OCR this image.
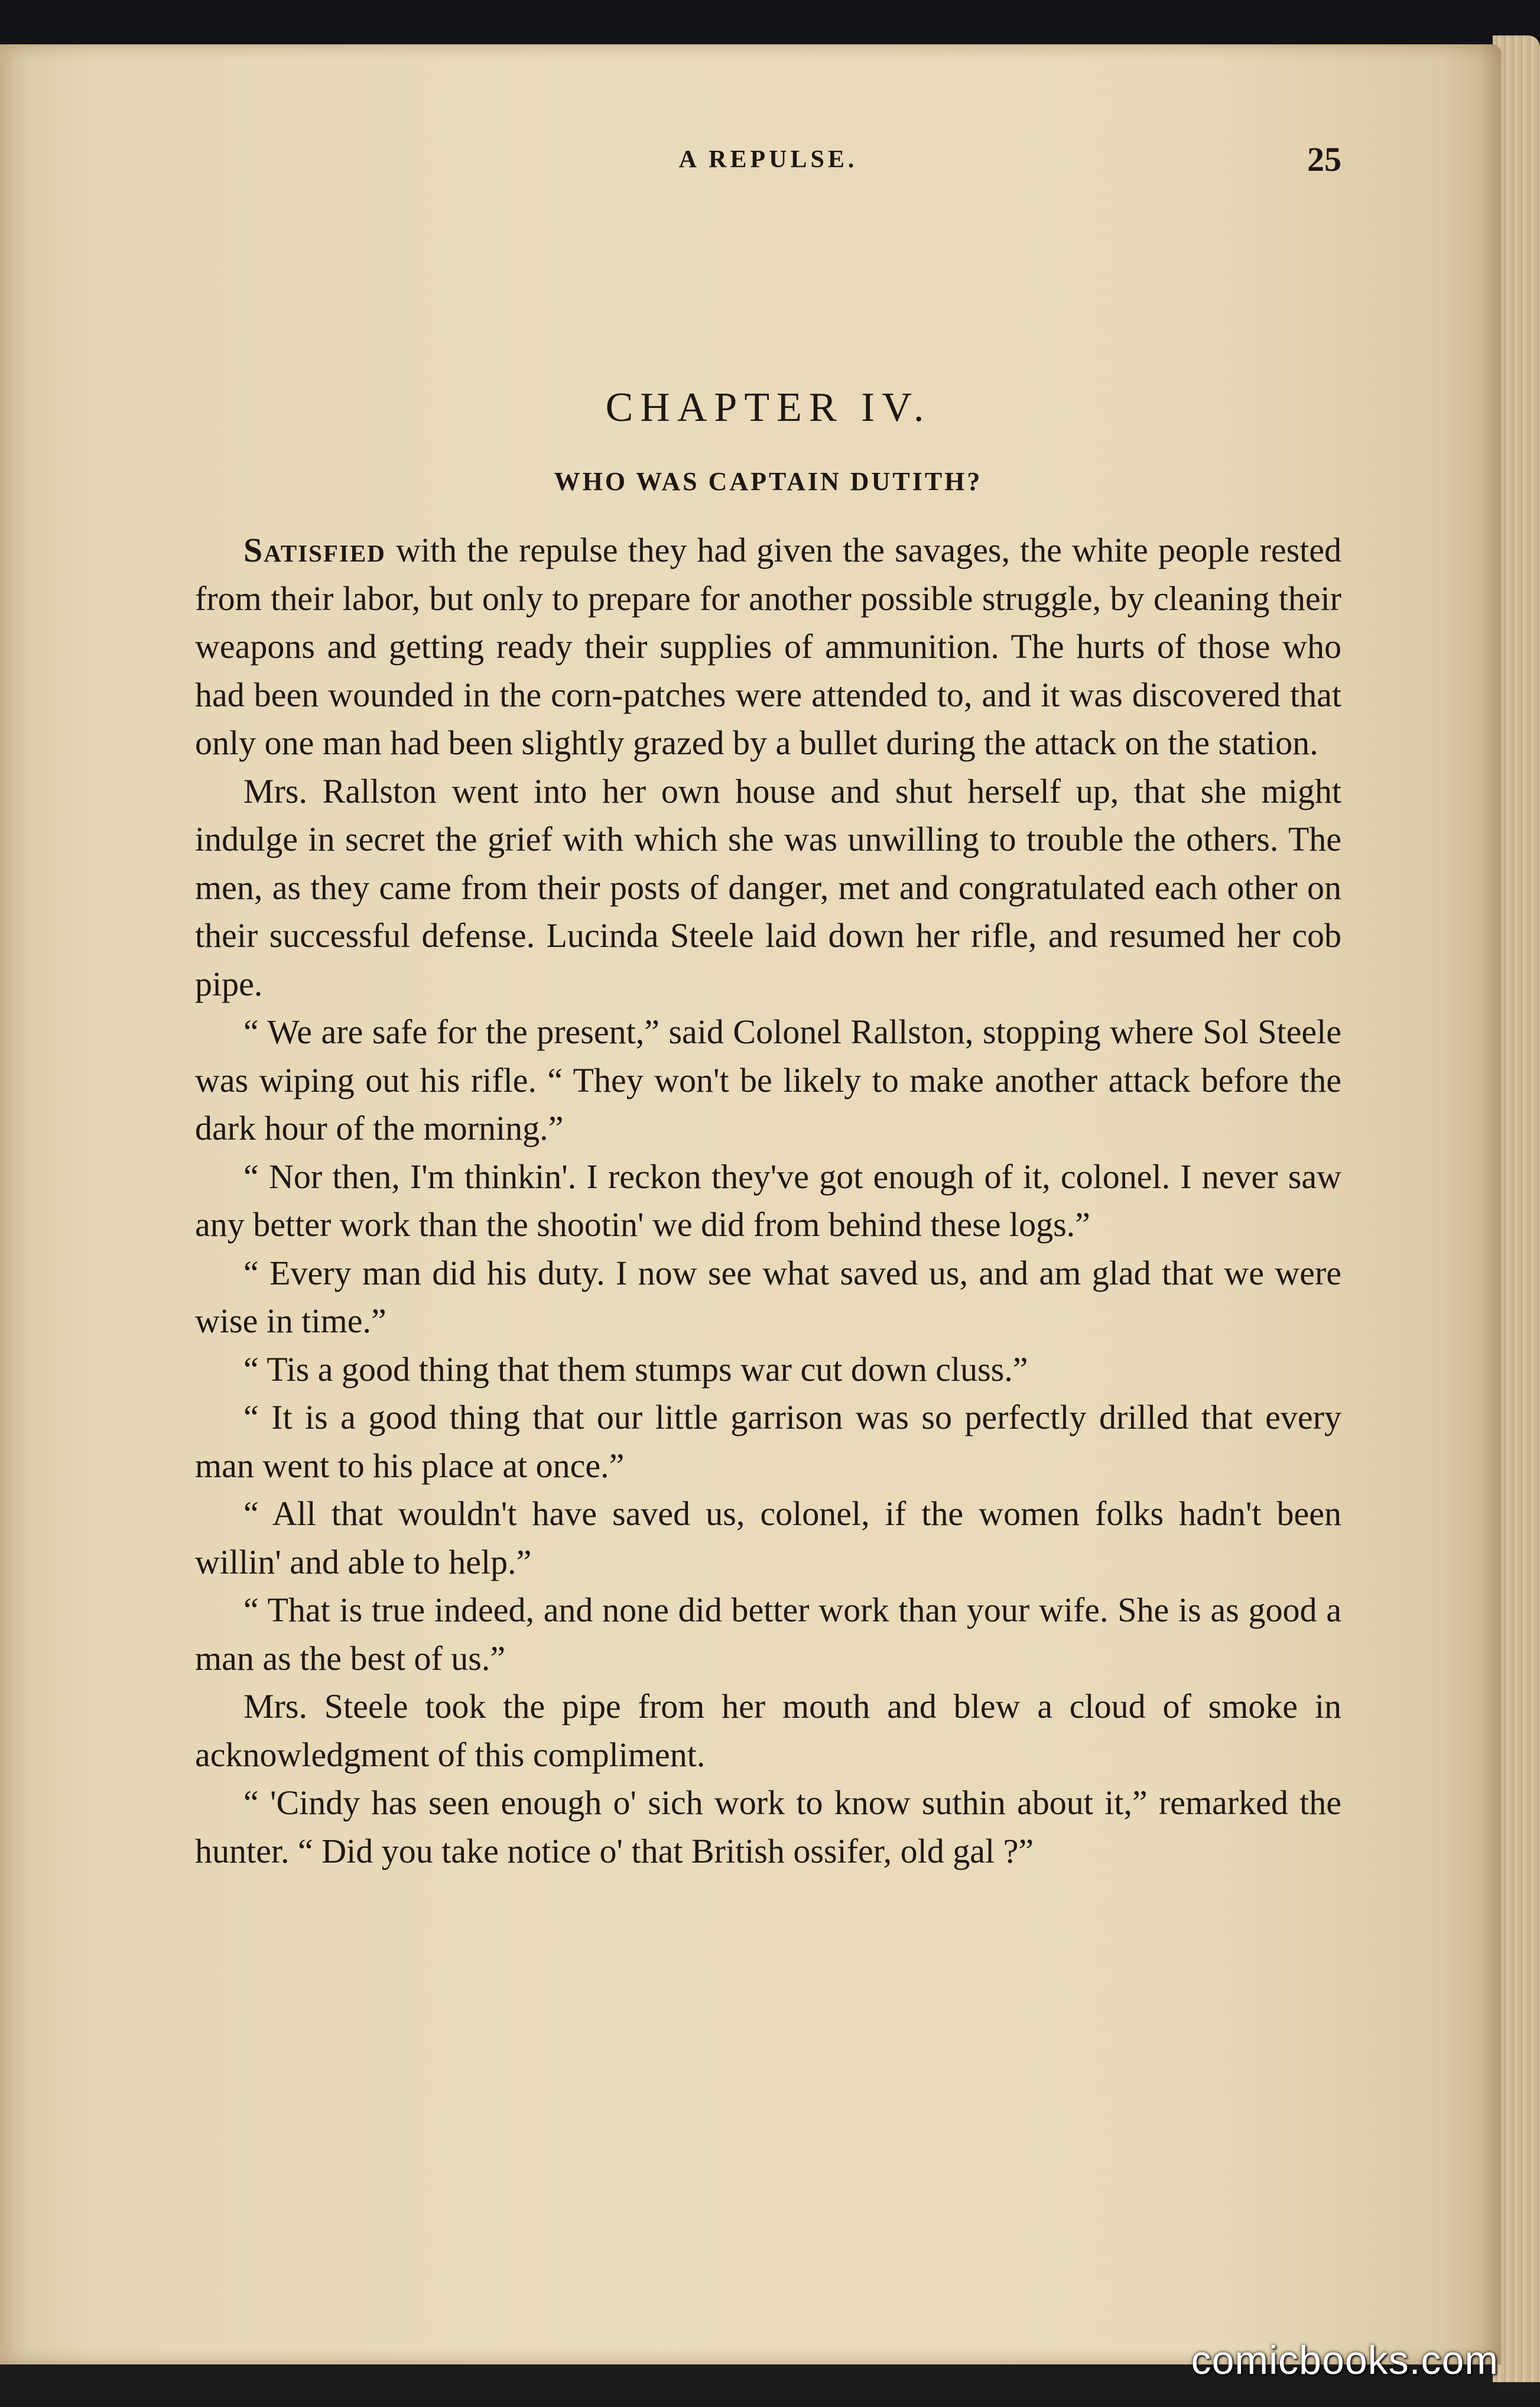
A REPULSE.	25
CHAPTER IV.
WHO WAS CAPTAIN DUTITH?

Satisfied with the repulse they had given the savages, the white people rested from their labor, but only to prepare for another possible struggle, by cleaning their weapons and getting ready their supplies of ammunition. The hurts of those who had been wounded in the corn-patches were attended to, and it was discovered that only one man had been slightly grazed by a bullet during the attack on the station.

Mrs. Rallston went into her own house and shut herself up, that she might indulge in secret the grief with which she was unwilling to trouble the others. The men, as they came from their posts of danger, met and congratulated each other on their successful defense. Lucinda Steele laid down her rifle, and resumed her cob pipe.

“ We are safe for the present,” said Colonel Rallston, stopping where Sol Steele was wiping out his rifle. “ They won't be likely to make another attack before the dark hour of the morning.”

“ Nor then, I'm thinkin'. I reckon they've got enough of it, colonel. I never saw any better work than the shootin' we did from behind these logs.”

“ Every man did his duty. I now see what saved us, and am glad that we were wise in time.”

“ Tis a good thing that them stumps war cut down cluss.”

“ It is a good thing that our little garrison was so perfectly drilled that every man went to his place at once.”

“ All that wouldn't have saved us, colonel, if the women folks hadn't been willin' and able to help.”

“ That is true indeed, and none did better work than your wife. She is as good a man as the best of us.”

Mrs. Steele took the pipe from her mouth and blew a cloud of smoke in acknowledgment of this compliment.

“ 'Cindy has seen enough o' sich work to know suthin about it,” remarked the hunter. “ Did you take notice o' that British ossifer, old gal ?”

comicbooks.com
